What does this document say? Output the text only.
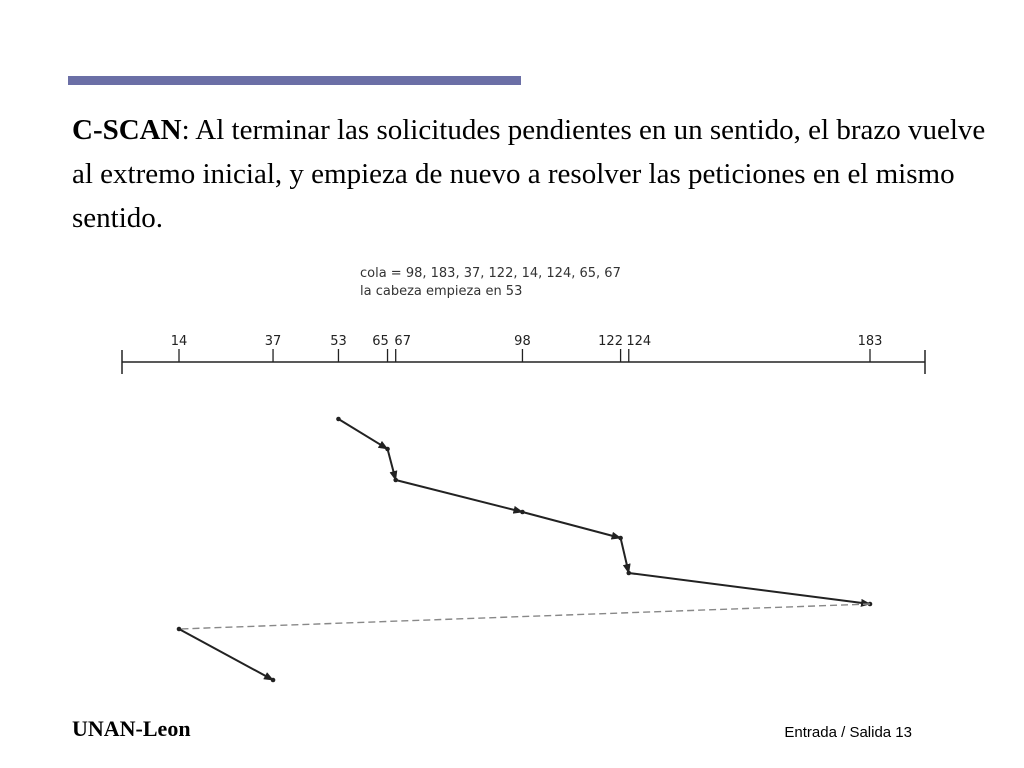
C-SCAN: Al terminar las solicitudes pendientes en un sentido, el brazo vuelve al extremo inicial, y empieza de nuevo a resolver las peticiones en el mismo sentido.
cola = 98, 183, 37, 122, 14, 124, 65, 67
la cabeza empieza en 53
14	37	53 65 67	98	122 124	183
UNAN-Leon	Entrada / Salida 13
